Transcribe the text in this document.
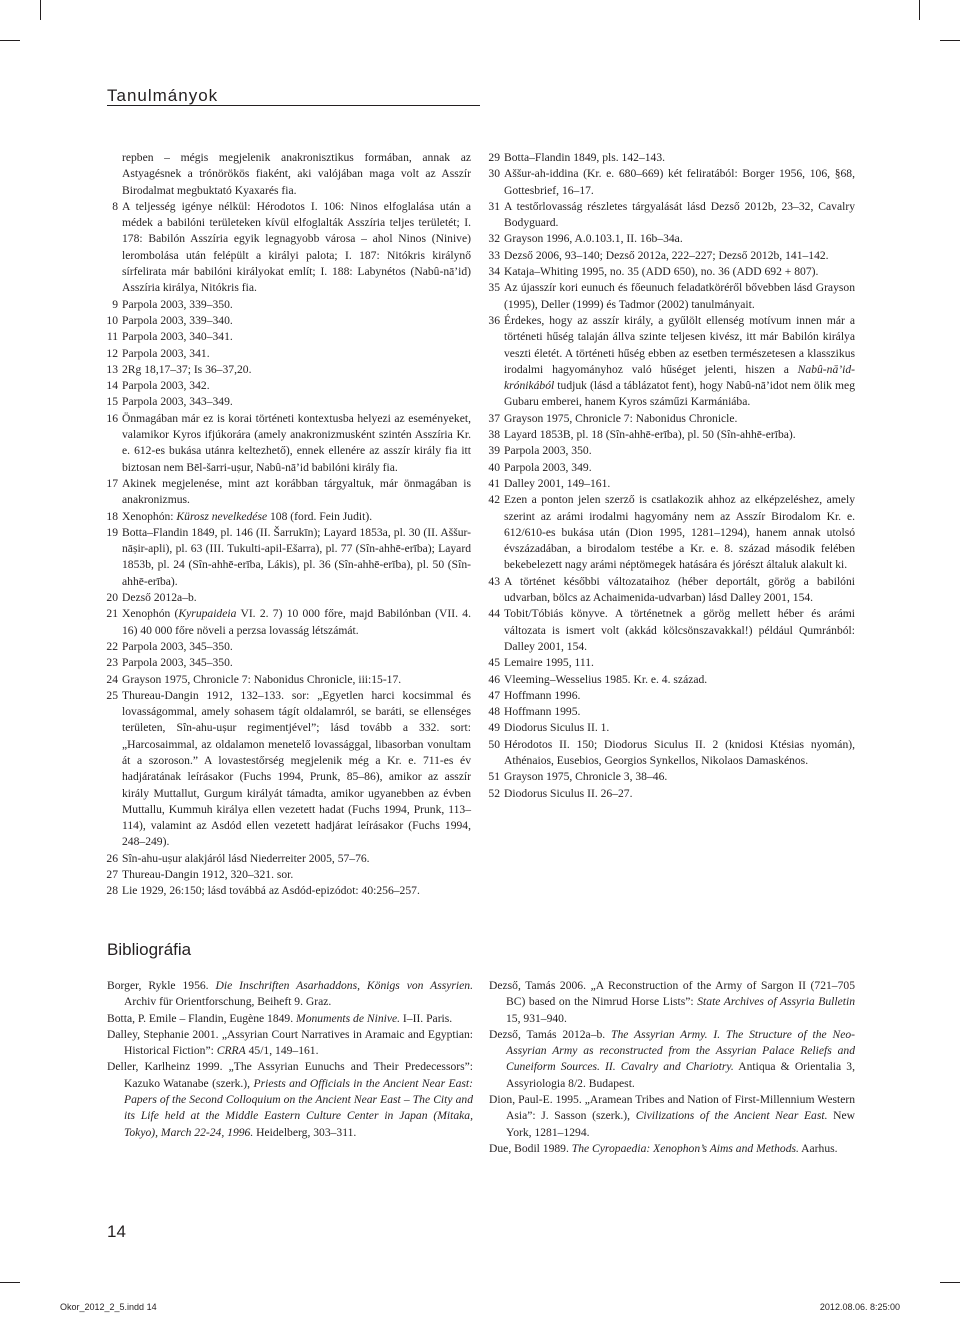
Tanulmányok
repben – mégis megjelenik anakronisztikus formában, annak az Astyagésnek a trónörökös fiaként, aki valójában maga volt az Asszír Birodalmat megbuktató Kyaxarés fia.
8 A teljesség igénye nélkül: Hérodotos I. 106: Ninos elfoglalása után a médek a babilóni területeken kívül elfoglalták Asszíria teljes területét; I. 178: Babilón Asszíria egyik legnagyobb városa – ahol Ninos (Ninive) lerombolása után felépült a királyi palota; I. 187: Nitókris királynő sírfelirata már babilóni királyokat említ; I. 188: Labynétos (Nabû-nā’id) Asszíria királya, Nitókris fia.
9 Parpola 2003, 339–350.
10 Parpola 2003, 339–340.
11 Parpola 2003, 340–341.
12 Parpola 2003, 341.
13 2Rg 18,17–37; Is 36–37,20.
14 Parpola 2003, 342.
15 Parpola 2003, 343–349.
16 Önmagában már ez is korai történeti kontextusba helyezi az eseményeket, valamikor Kyros ifjúkorára (amely anakronizmusként szintén Asszíria Kr. e. 612-es bukása utánra keltezhető), ennek ellenére az asszír király fia itt biztosan nem Bēl-šarri-uṣur, Nabû-nā’id babilóni király fia.
17 Akinek megjelenése, mint azt korábban tárgyaltuk, már önmagában is anakronizmus.
18 Xenophón: Kürosz nevelkedése 108 (ford. Fein Judit).
19 Botta–Flandin 1849, pl. 146 (II. Šarrukīn); Layard 1853a, pl. 30 (II. Aššur-nāṣir-apli), pl. 63 (III. Tukulti-apil-Ešarra), pl. 77 (Sîn-ahhē-erība); Layard 1853b, pl. 24 (Sîn-ahhē-erība, Lákis), pl. 36 (Sîn-ahhē-erība), pl. 50 (Sîn-ahhē-erība).
20 Dezső 2012a–b.
21 Xenophón (Kyrupaideia VI. 2. 7) 10 000 főre, majd Babilónban (VII. 4. 16) 40 000 főre növeli a perzsa lovasság létszámát.
22 Parpola 2003, 345–350.
23 Parpola 2003, 345–350.
24 Grayson 1975, Chronicle 7: Nabonidus Chronicle, iii:15-17.
25 Thureau-Dangin 1912, 132–133. sor: „Egyetlen harci kocsimmal és lovasságommal, amely sohasem tágít oldalamról, se baráti, se ellenséges területen, Sîn-ahu-uṣur regimentjével”; lásd tovább a 332. sort: „Harcosaimmal, az oldalamon menetelő lovassággal, libasorban vonultam át a szoroson.” A lovastestőrség megjelenik még a Kr. e. 711-es év hadjáratának leírásakor (Fuchs 1994, Prunk, 85–86), amikor az asszír király Muttallut, Gurgum királyát támadta, amikor ugyanebben az évben Muttallu, Kummuh királya ellen vezetett hadat (Fuchs 1994, Prunk, 113–114), valamint az Asdód ellen vezetett hadjárat leírásakor (Fuchs 1994, 248–249).
26 Sîn-ahu-uṣur alakjáról lásd Niederreiter 2005, 57–76.
27 Thureau-Dangin 1912, 320–321. sor.
28 Lie 1929, 26:150; lásd továbbá az Asdód-epizódot: 40:256–257.
29 Botta–Flandin 1849, pls. 142–143.
30 Aššur-ah-iddina (Kr. e. 680–669) két feliratából: Borger 1956, 106, §68, Gottesbrief, 16–17.
31 A testőrlovasság részletes tárgyalását lásd Dezső 2012b, 23–32, Cavalry Bodyguard.
32 Grayson 1996, A.0.103.1, II. 16b–34a.
33 Dezső 2006, 93–140; Dezső 2012a, 222–227; Dezső 2012b, 141–142.
34 Kataja–Whiting 1995, no. 35 (ADD 650), no. 36 (ADD 692 + 807).
35 Az újasszír kori eunuch és főeunuch feladatköréről bővebben lásd Grayson (1995), Deller (1999) és Tadmor (2002) tanulmányait.
36 Érdekes, hogy az asszír király, a gyűlölt ellenség motívum innen már a történeti hűség talaján állva szinte teljesen kivész, itt már Babilón királya veszti életét. A történeti hűség ebben az esetben természetesen a klasszikus irodalmi hagyományhoz való hűséget jelenti, hiszen a Nabû-nā’id-krónikából tudjuk (lásd a táblázatot fent), hogy Nabû-nā’idot nem ölik meg Gubaru emberei, hanem Kyros száműzi Karmániába.
37 Grayson 1975, Chronicle 7: Nabonidus Chronicle.
38 Layard 1853B, pl. 18 (Sîn-ahhē-erība), pl. 50 (Sîn-ahhē-erība).
39 Parpola 2003, 350.
40 Parpola 2003, 349.
41 Dalley 2001, 149–161.
42 Ezen a ponton jelen szerző is csatlakozik ahhoz az elképzeléshez, amely szerint az arámi irodalmi hagyomány nem az Asszír Birodalom Kr. e. 612/610-es bukása után (Dion 1995, 1281–1294), hanem annak utolsó évszázadában, a birodalom testébe a Kr. e. 8. század második felében bekebelezett nagy arámi néptömegek hatására és jórészt általuk alakult ki.
43 A történet későbbi változataihoz (héber deportált, görög a babilóni udvarban, bölcs az Achaimenida-udvarban) lásd Dalley 2001, 154.
44 Tobit/Tóbiás könyve. A történetnek a görög mellett héber és arámi változata is ismert volt (akkád kölcsönszavakkal!) például Qumránból: Dalley 2001, 154.
45 Lemaire 1995, 111.
46 Vleeming–Wesselius 1985. Kr. e. 4. század.
47 Hoffmann 1996.
48 Hoffmann 1995.
49 Diodorus Siculus II. 1.
50 Hérodotos II. 150; Diodorus Siculus II. 2 (knidosi Ktésias nyomán), Athénaios, Eusebios, Georgios Synkellos, Nikolaos Damaskénos.
51 Grayson 1975, Chronicle 3, 38–46.
52 Diodorus Siculus II. 26–27.
Bibliográfia
Borger, Rykle 1956. Die Inschriften Asarhaddons, Königs von Assyrien. Archiv für Orientforschung, Beiheft 9. Graz.
Botta, P. Emile – Flandin, Eugène 1849. Monuments de Ninive. I–II. Paris.
Dalley, Stephanie 2001. „Assyrian Court Narratives in Aramaic and Egyptian: Historical Fiction”: CRRA 45/1, 149–161.
Deller, Karlheinz 1999. „The Assyrian Eunuchs and Their Predecessors”: Kazuko Watanabe (szerk.), Priests and Officials in the Ancient Near East: Papers of the Second Colloquium on the Ancient Near East – The City and its Life held at the Middle Eastern Culture Center in Japan (Mitaka, Tokyo), March 22-24, 1996. Heidelberg, 303–311.
Dezső, Tamás 2006. „A Reconstruction of the Army of Sargon II (721–705 BC) based on the Nimrud Horse Lists”: State Archives of Assyria Bulletin 15, 931–940.
Dezső, Tamás 2012a–b. The Assyrian Army. I. The Structure of the Neo-Assyrian Army as reconstructed from the Assyrian Palace Reliefs and Cuneiform Sources. II. Cavalry and Chariotry. Antiqua & Orientalia 3, Assyriologia 8/2. Budapest.
Dion, Paul-E. 1995. „Aramean Tribes and Nation of First-Millennium Western Asia”: J. Sasson (szerk.), Civilizations of the Ancient Near East. New York, 1281–1294.
Due, Bodil 1989. The Cyropaedia: Xenophon’s Aims and Methods. Aarhus.
14
Okor_2012_2_5.indd 14	2012.08.06. 8:25:00
